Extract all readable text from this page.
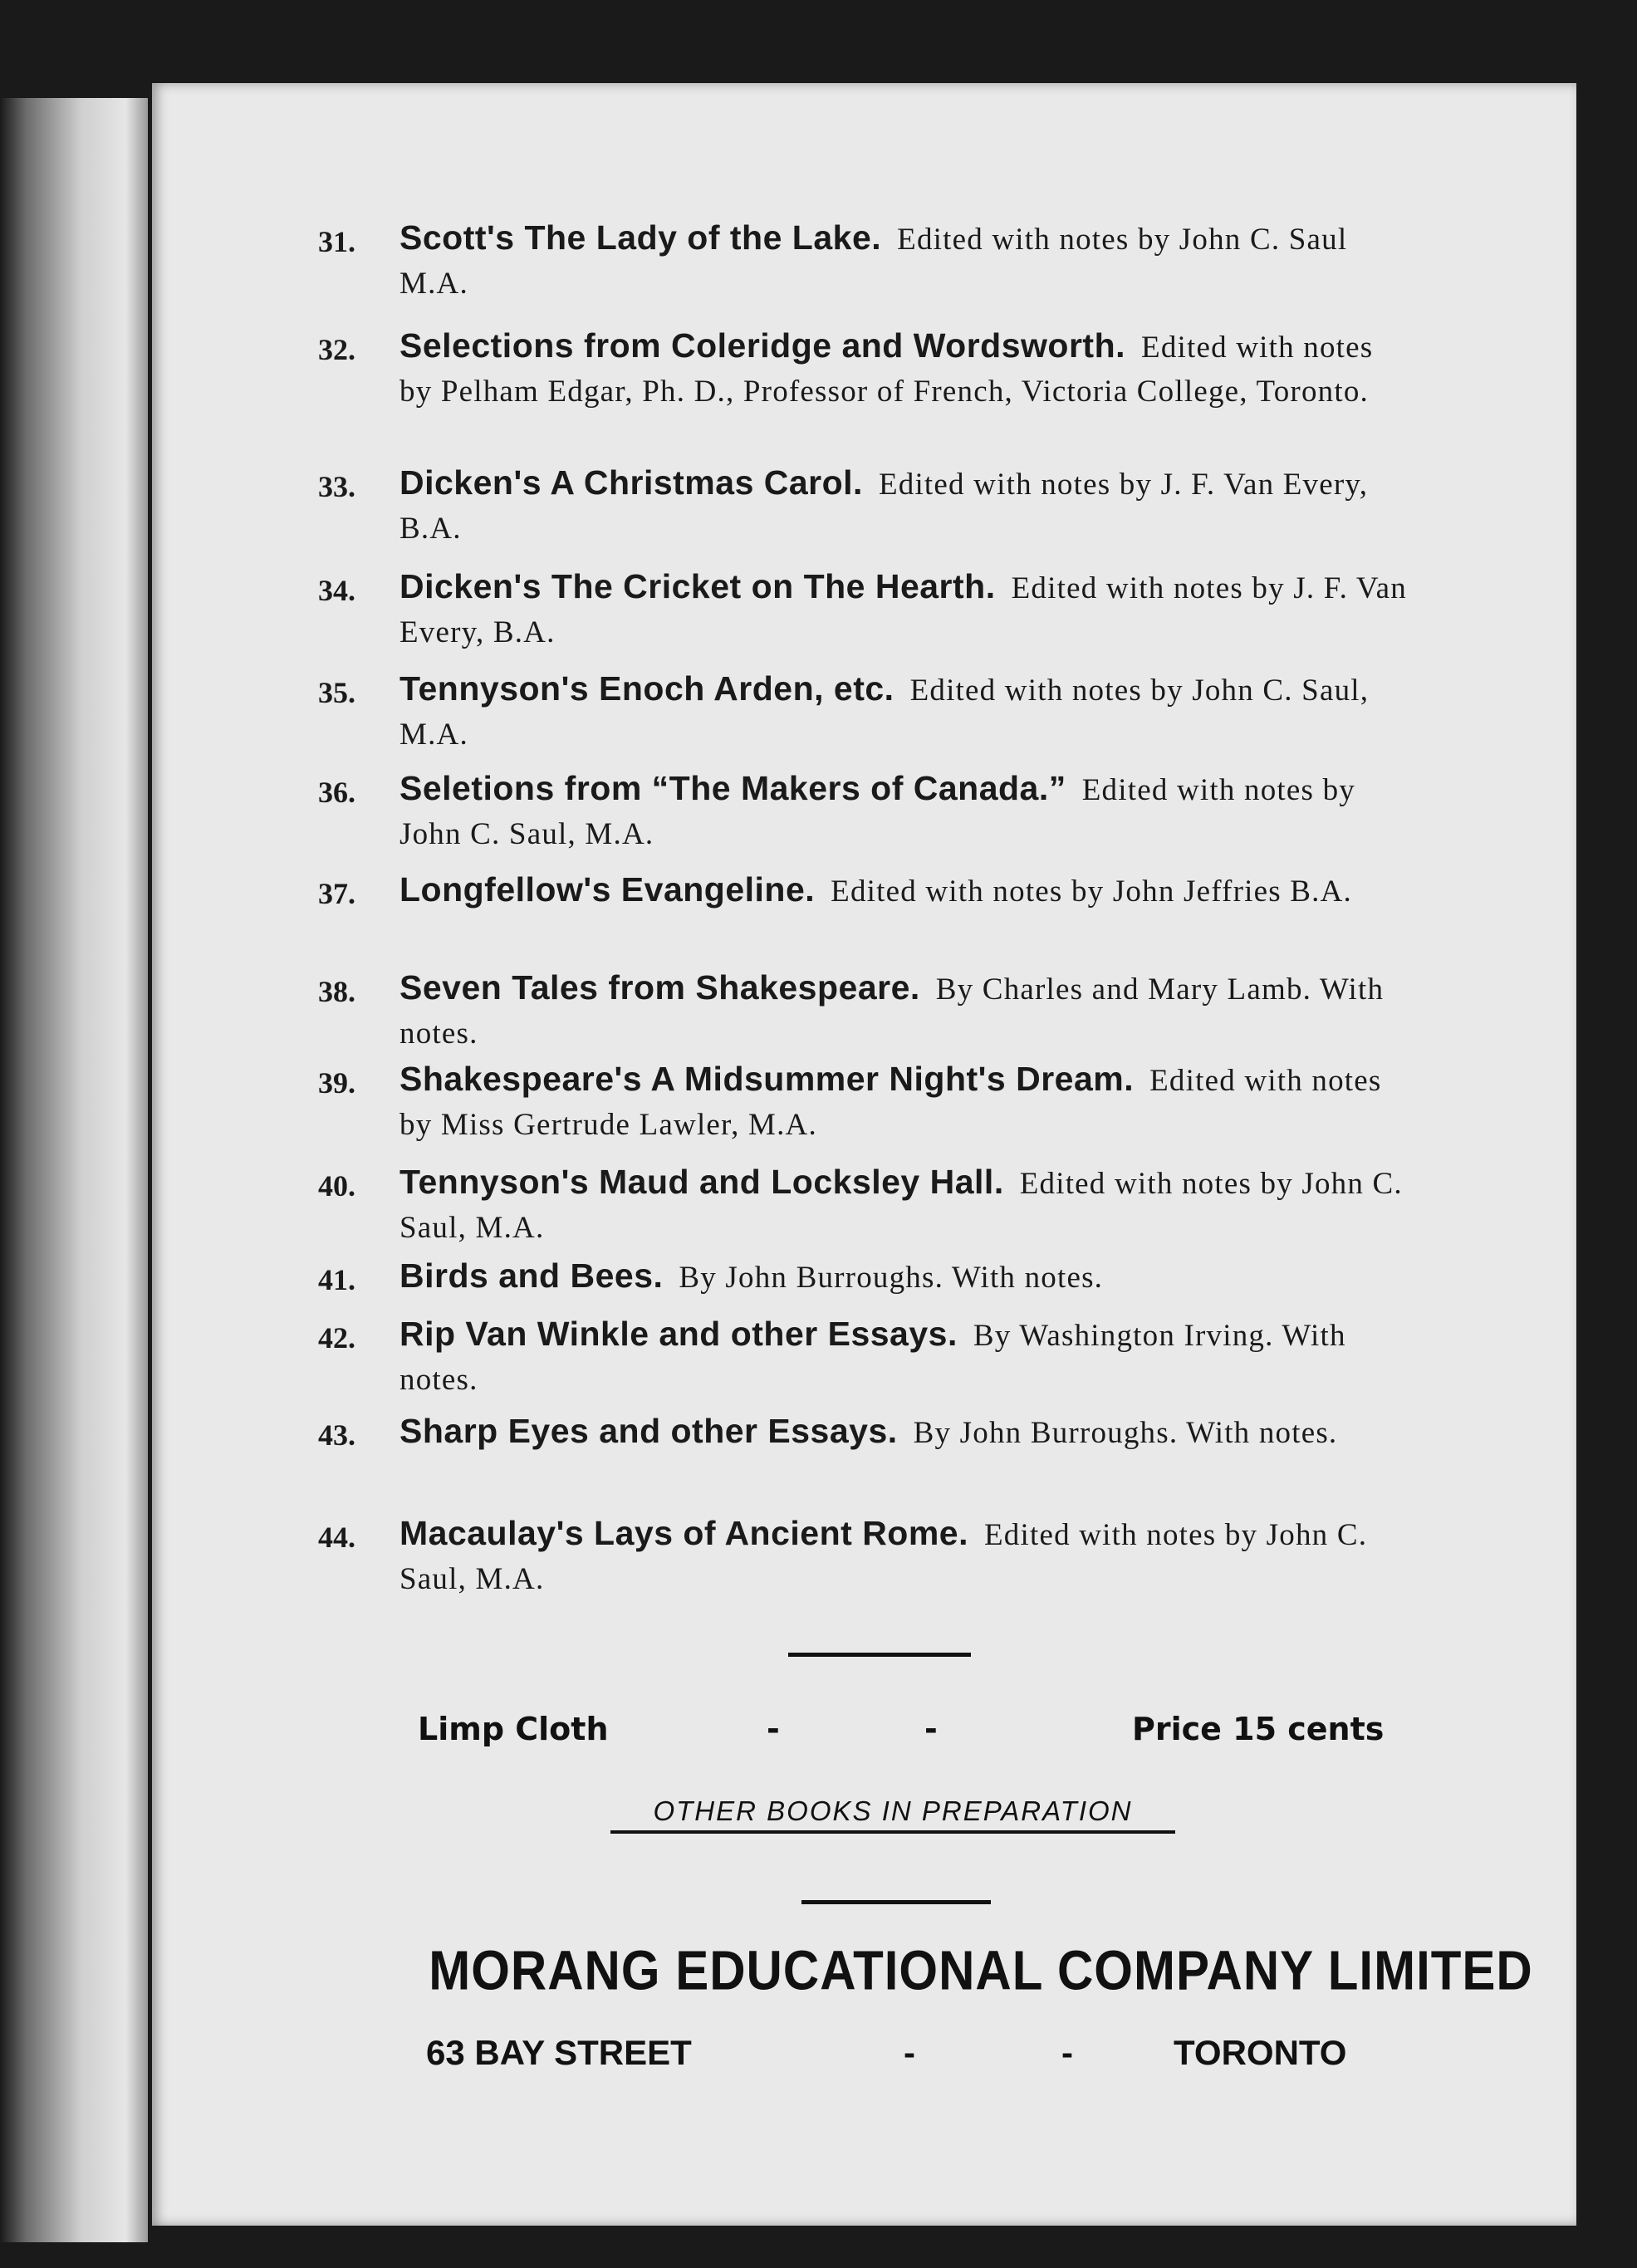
31. Scott's The Lady of the Lake. Edited with notes by John C. Saul M.A.
32. Selections from Coleridge and Wordsworth. Edited with notes by Pelham Edgar, Ph. D., Professor of French, Victoria College, Toronto.
33. Dicken's A Christmas Carol. Edited with notes by J. F. Van Every, B.A.
34. Dicken's The Cricket on The Hearth. Edited with notes by J. F. Van Every, B.A.
35. Tennyson's Enoch Arden, etc. Edited with notes by John C. Saul, M.A.
36. Seletions from “The Makers of Canada.” Edited with notes by John C. Saul, M.A.
37. Longfellow's Evangeline. Edited with notes by John Jeffries B.A.
38. Seven Tales from Shakespeare. By Charles and Mary Lamb. With notes.
39. Shakespeare's A Midsummer Night's Dream. Edited with notes by Miss Gertrude Lawler, M.A.
40. Tennyson's Maud and Locksley Hall. Edited with notes by John C. Saul, M.A.
41. Birds and Bees. By John Burroughs. With notes.
42. Rip Van Winkle and other Essays. By Washington Irving. With notes.
43. Sharp Eyes and other Essays. By John Burroughs. With notes.
44. Macaulay's Lays of Ancient Rome. Edited with notes by John C. Saul, M.A.
Limp Cloth	-	-	Price 15 cents
OTHER BOOKS IN PREPARATION
MORANG EDUCATIONAL COMPANY LIMITED
63 BAY STREET	-	-	TORONTO
